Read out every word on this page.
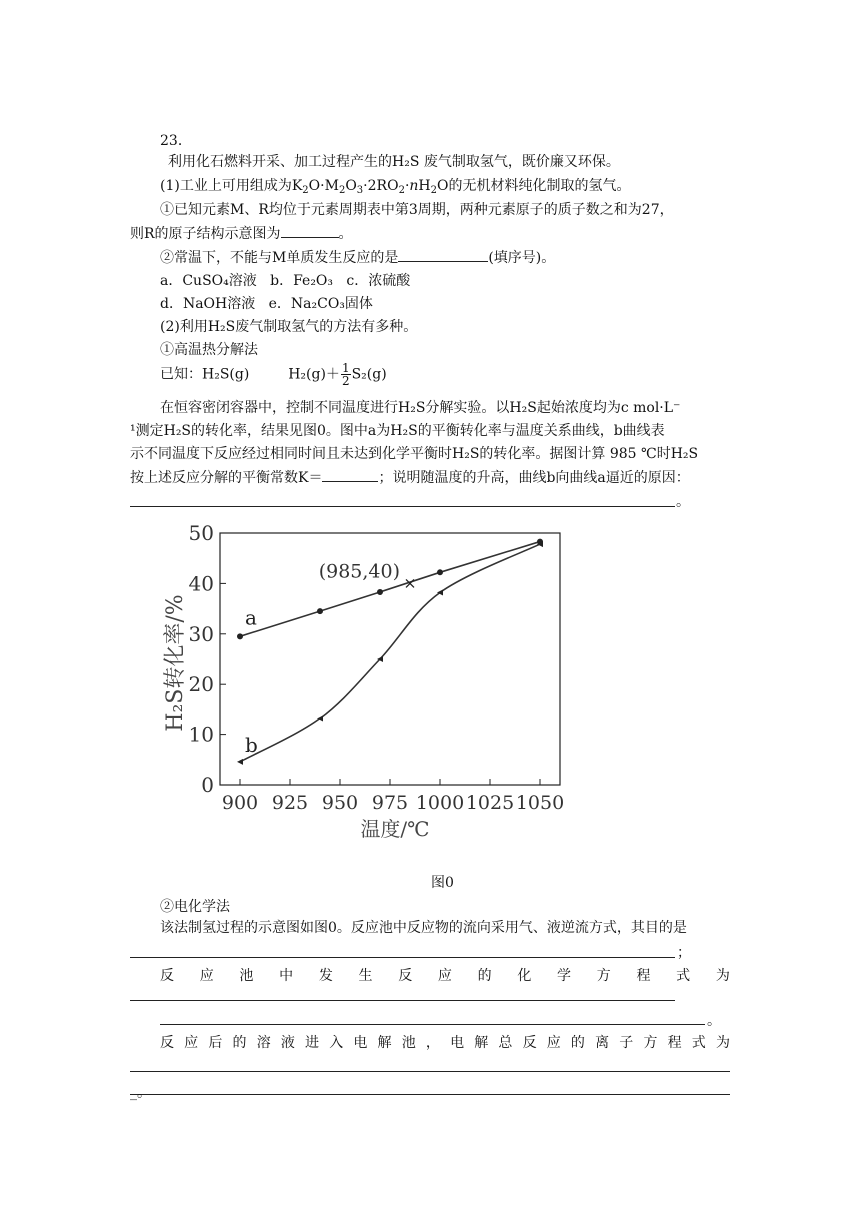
23．
利用化石燃料开采、加工过程产生的H₂S 废气制取氢气，既价廉又环保。
(1)工业上可用组成为$K_2O\cdot M_2O_3\cdot 2RO_2\cdot nH_2O$的无机材料纯化制取的氢气。
①已知元素M、R均位于元素周期表中第3周期，两种元素原子的质子数之和为27，
则R的原子结构示意图为	。
②常温下，不能与M单质发生反应的是	(填序号)。
a．CuSO₄溶液 b．Fe₂O₃ c．浓硫酸
d．NaOH溶液 e．Na₂CO₃固体
(2)利用H₂S废气制取氢气的方法有多种。
①高温热分解法
已知：H₂S(g)	$H_2(g)+ \frac{1}{2} S_2(g)$
在恒容密闭容器中，控制不同温度进行H₂S分解实验。以H₂S起始浓度均为c mol·L⁻
¹测定H₂S的转化率，结果见图0。图中a为H₂S的平衡转化率与温度关系曲线，b曲线表
示不同温度下反应经过相同时间且未达到化学平衡时H₂S的转化率。据图计算 985 ℃时H₂S
按上述反应分解的平衡常数K＝	；说明随温度的升高，曲线b向曲线a逼近的原因：
。
0
10
20
30
40
50
900 925 950 975 1000 1025 1050
a
b
(985,40)
H₂S转化率/%
温度/℃
图0
②电化学法
该法制氢过程的示意图如图0。反应池中反应物的流向采用气、液逆流方式，其目的是
；
反 应 池 中 发 生 反 应 的 化 学 方 程 式 为
。
反 应 后 的 溶 液 进 入 电 解 池 ， 电 解 总 反 应 的 离 子 方 程 式 为
_。
